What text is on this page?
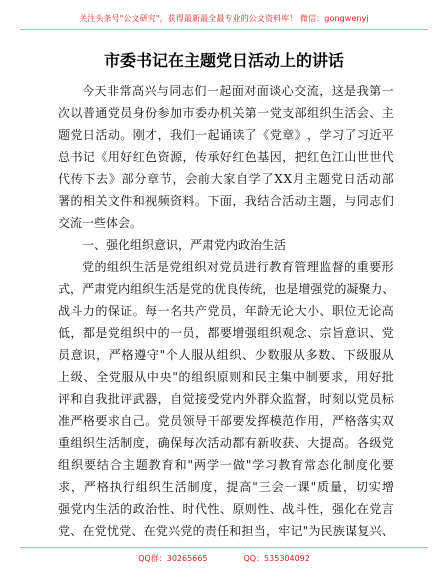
关注头条号"公文研究"，获得最新最全最专业的公文资料库！ 微信：gongwenyj
市委书记在主题党日活动上的讲话
今 天 非 常 高 兴 与 同 志 们 一 起 面 对 面 谈 心 交 流 ， 这 是 我 第 一
次 以 普 通 党 员 身 份 参 加 市 委 办 机 关 第 一 党 支 部 组 织 生 活 会 、 主
题 党 日 活 动 。 刚 才 ， 我 们 一 起 诵 读 了 《 党 章 》 ， 学 习 了 习 近 平
总 书 记 《 用 好 红 色 资 源 ， 传 承 好 红 色 基 因 ， 把 红 色 江 山 世 世 代
代 传 下 去 》 部 分 章 节 ， 会 前 大 家 自 学 了 X X 月 主 题 党 日 活 动 部
署 的 相 关 文 件 和 视 频 资 料 。 下 面 ， 我 结 合 活 动 主 题 ， 与 同 志 们
交流一些体会。
一、强化组织意识，严肃党内政治生活
党 的 组 织 生 活 是 党 组 织 对 党 员 进 行 教 育 管 理 监 督 的 重 要 形
式 ， 严 肃 党 内 组 织 生 活 是 党 的 优 良 传 统 ， 也 是 增 强 党 的 凝 聚 力 、
战 斗 力 的 保 证 。 每 一 名 共 产 党 员 ， 年 龄 无 论 大 小 、 职 位 无 论 高
低 ， 都 是 党 组 织 中 的 一 员 ， 都 要 增 强 组 织 观 念 、 宗 旨 意 识 、 党
员 意 识 ， 严 格 遵 守 " 个 人 服 从 组 织 、 少 数 服 从 多 数 、 下 级 服 从
上 级 、 全 党 服 从 中 央 " 的 组 织 原 则 和 民 主 集 中 制 要 求 ， 用 好 批
评 和 自 我 批 评 武 器 ， 自 觉 接 受 党 内 外 群 众 监 督 ， 时 刻 以 党 员 标
准 严 格 要 求 自 己 。 党 员 领 导 干 部 要 发 挥 模 范 作 用 ， 严 格 落 实 双
重 组 织 生 活 制 度 ， 确 保 每 次 活 动 都 有 新 收 获 、 大 提 高 。 各 级 党
组 织 要 结 合 主 题 教 育 和 " 两 学 一 做 " 学 习 教 育 常 态 化 制 度 化 要
求 ， 严 格 执 行 组 织 生 活 制 度 ， 提 高 " 三 会 一 课 " 质 量 ， 切 实 增
强 党 内 生 活 的 政 治 性 、 时 代 性 、 原 则 性 、 战 斗 性 ， 强 化 在 党 言
党 、 在 党 忧 党 、 在 党 兴 党 的 责 任 和 担 当 ， 牢 记 " 为 民 族 谋 复 兴 、
QQ群：30265665	QQ：535304092
